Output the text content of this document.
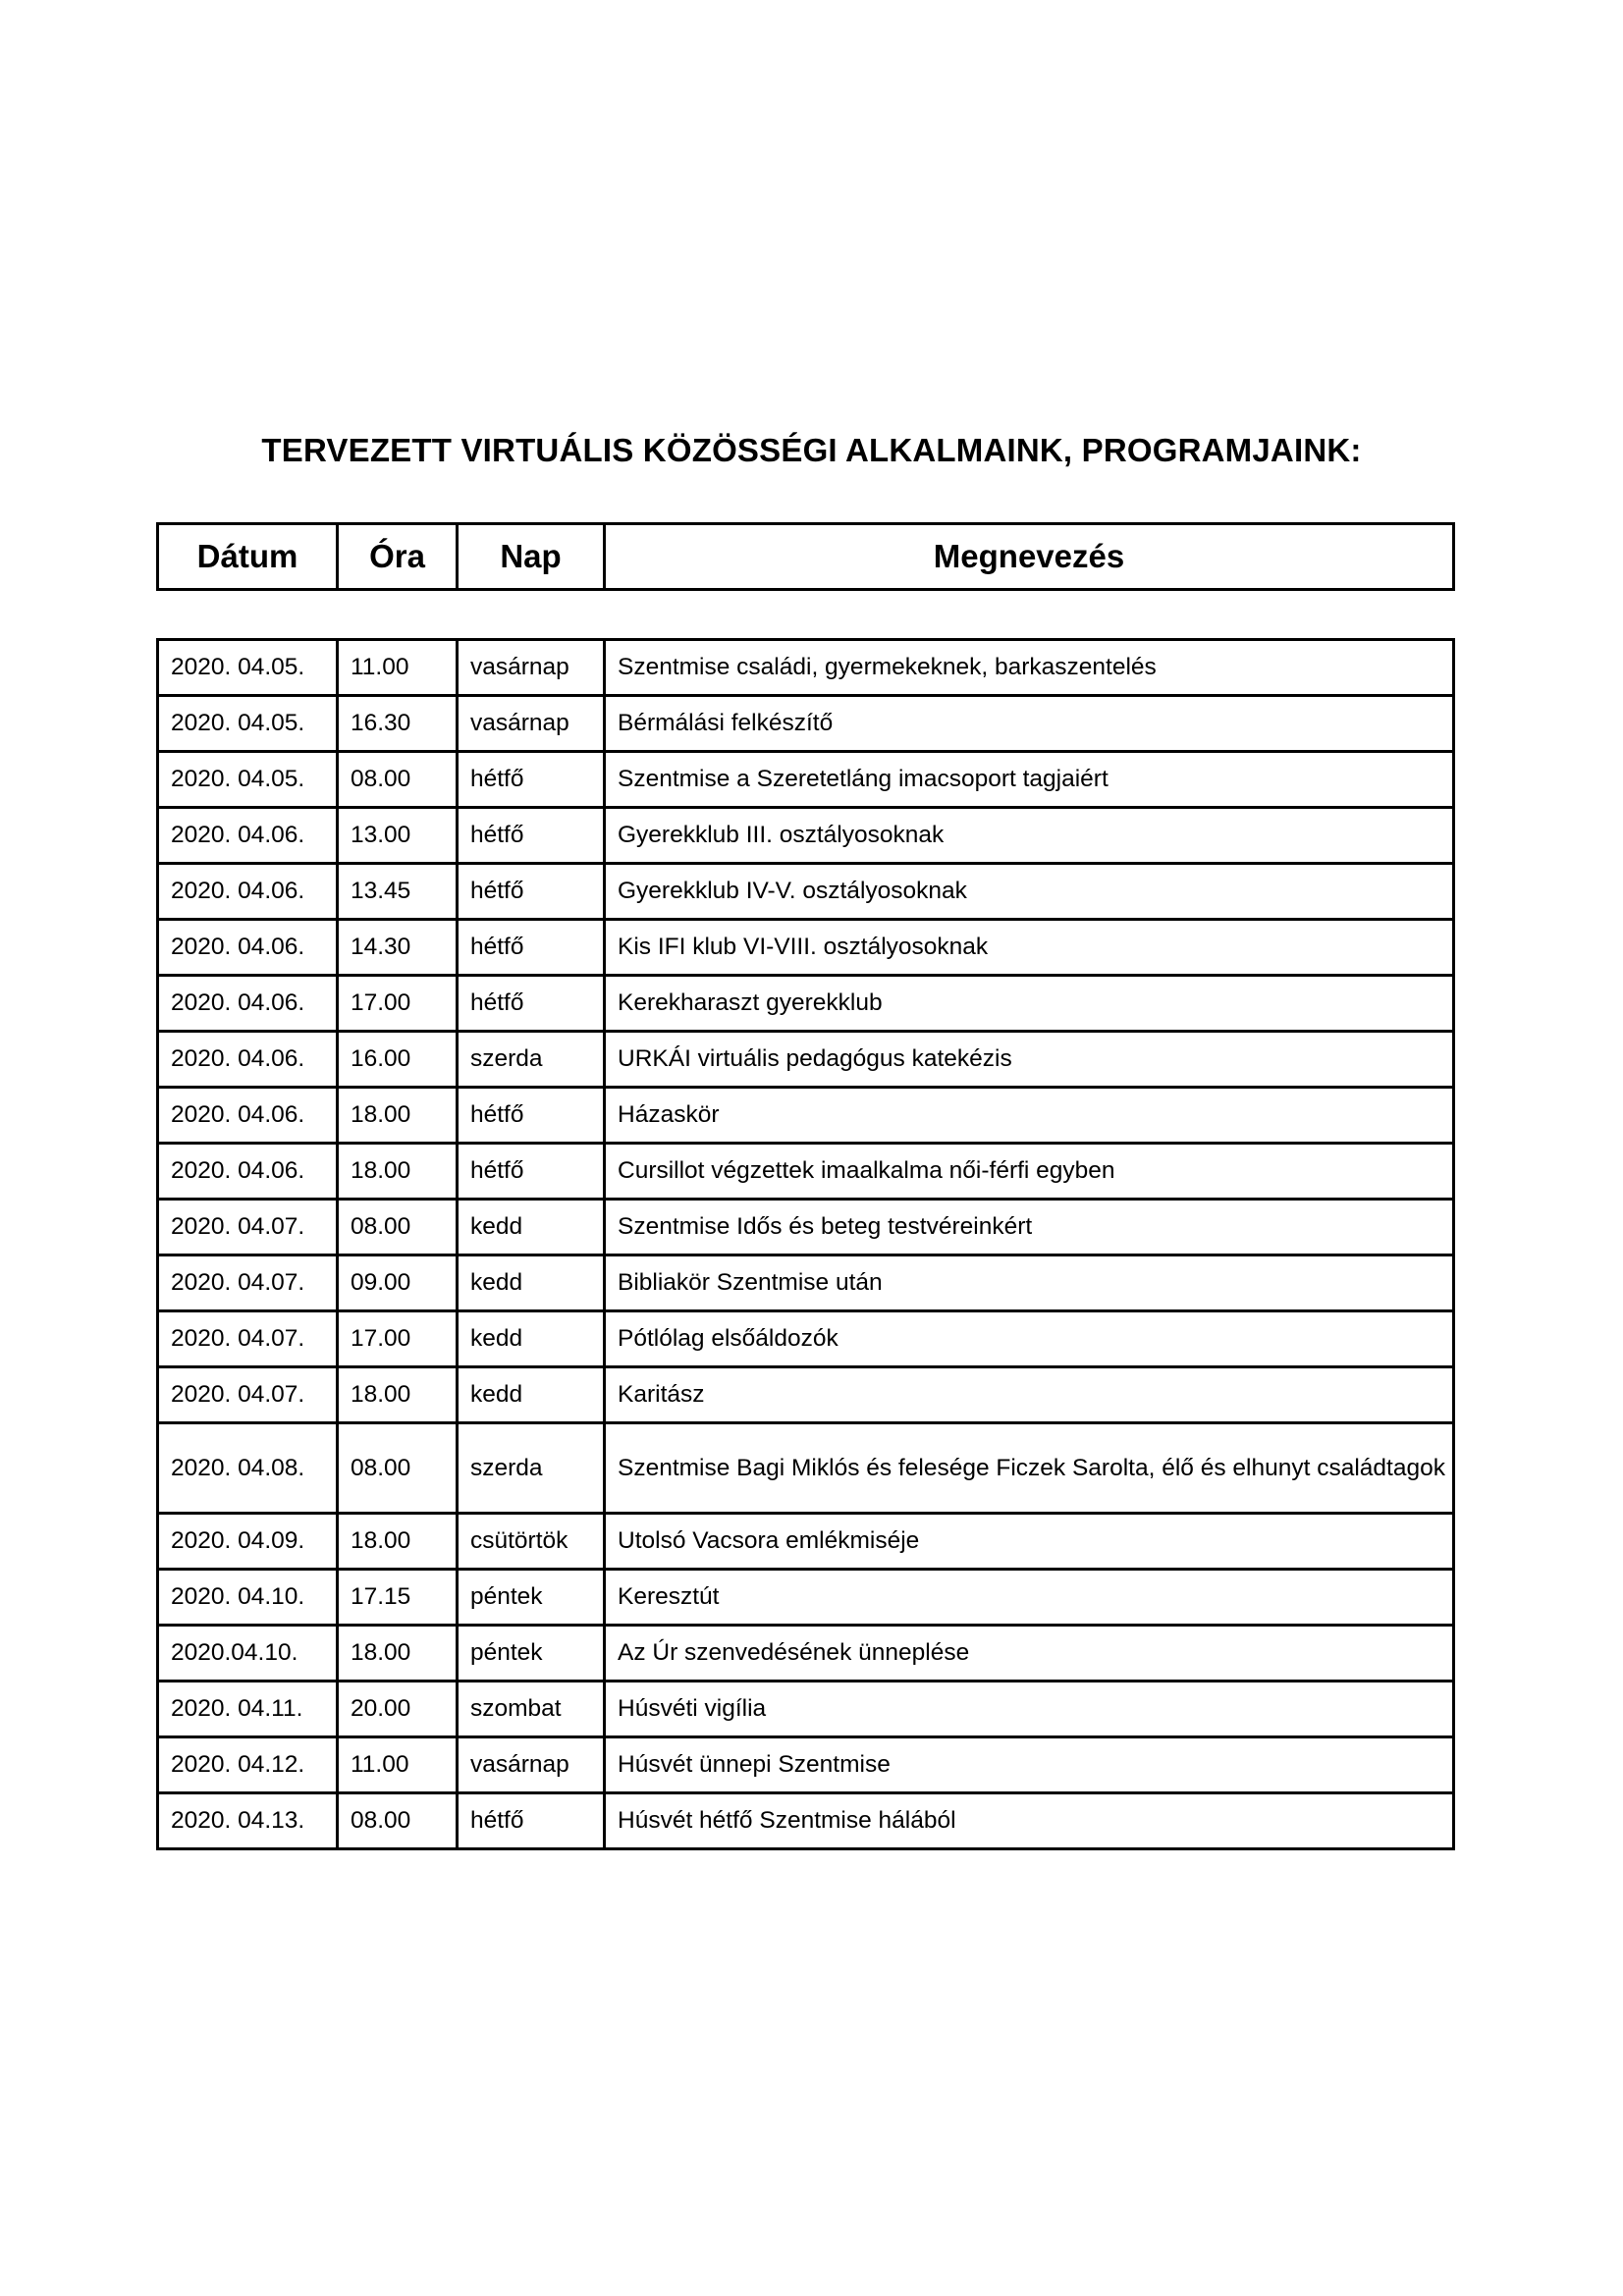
TERVEZETT VIRTUÁLIS KÖZÖSSÉGI ALKALMAINK, PROGRAMJAINK:
Dátum	Óra	Nap	Megnevezés
2020. 04.05.	11.00	vasárnap	Szentmise családi, gyermekeknek, barkaszentelés
2020. 04.05.	16.30	vasárnap	Bérmálási felkészítő
2020. 04.05.	08.00	hétfő	Szentmise a Szeretetláng imacsoport tagjaiért
2020. 04.06.	13.00	hétfő	Gyerekklub III. osztályosoknak
2020. 04.06.	13.45	hétfő	Gyerekklub IV-V. osztályosoknak
2020. 04.06.	14.30	hétfő	Kis IFI klub VI-VIII. osztályosoknak
2020. 04.06.	17.00	hétfő	Kerekharaszt gyerekklub
2020. 04.06.	16.00	szerda	URKÁI virtuális pedagógus katekézis
2020. 04.06.	18.00	hétfő	Házaskör
2020. 04.06.	18.00	hétfő	Cursillot végzettek imaalkalma női-férfi egyben
2020. 04.07.	08.00	kedd	Szentmise Idős és beteg testvéreinkért
2020. 04.07.	09.00	kedd	Bibliakör Szentmise után
2020. 04.07.	17.00	kedd	Pótlólag elsőáldozók
2020. 04.07.	18.00	kedd	Karitász
2020. 04.08.	08.00	szerda	Szentmise Bagi Miklós és felesége Ficzek Sarolta, élő és elhunyt családtagok
2020. 04.09.	18.00	csütörtök	Utolsó Vacsora emlékmiséje
2020. 04.10.	17.15	péntek	Keresztút
2020.04.10.	18.00	péntek	Az Úr szenvedésének ünneplése
2020. 04.11.	20.00	szombat	Húsvéti vigília
2020. 04.12.	11.00	vasárnap	Húsvét ünnepi Szentmise
2020. 04.13.	08.00	hétfő	Húsvét hétfő Szentmise hálából
